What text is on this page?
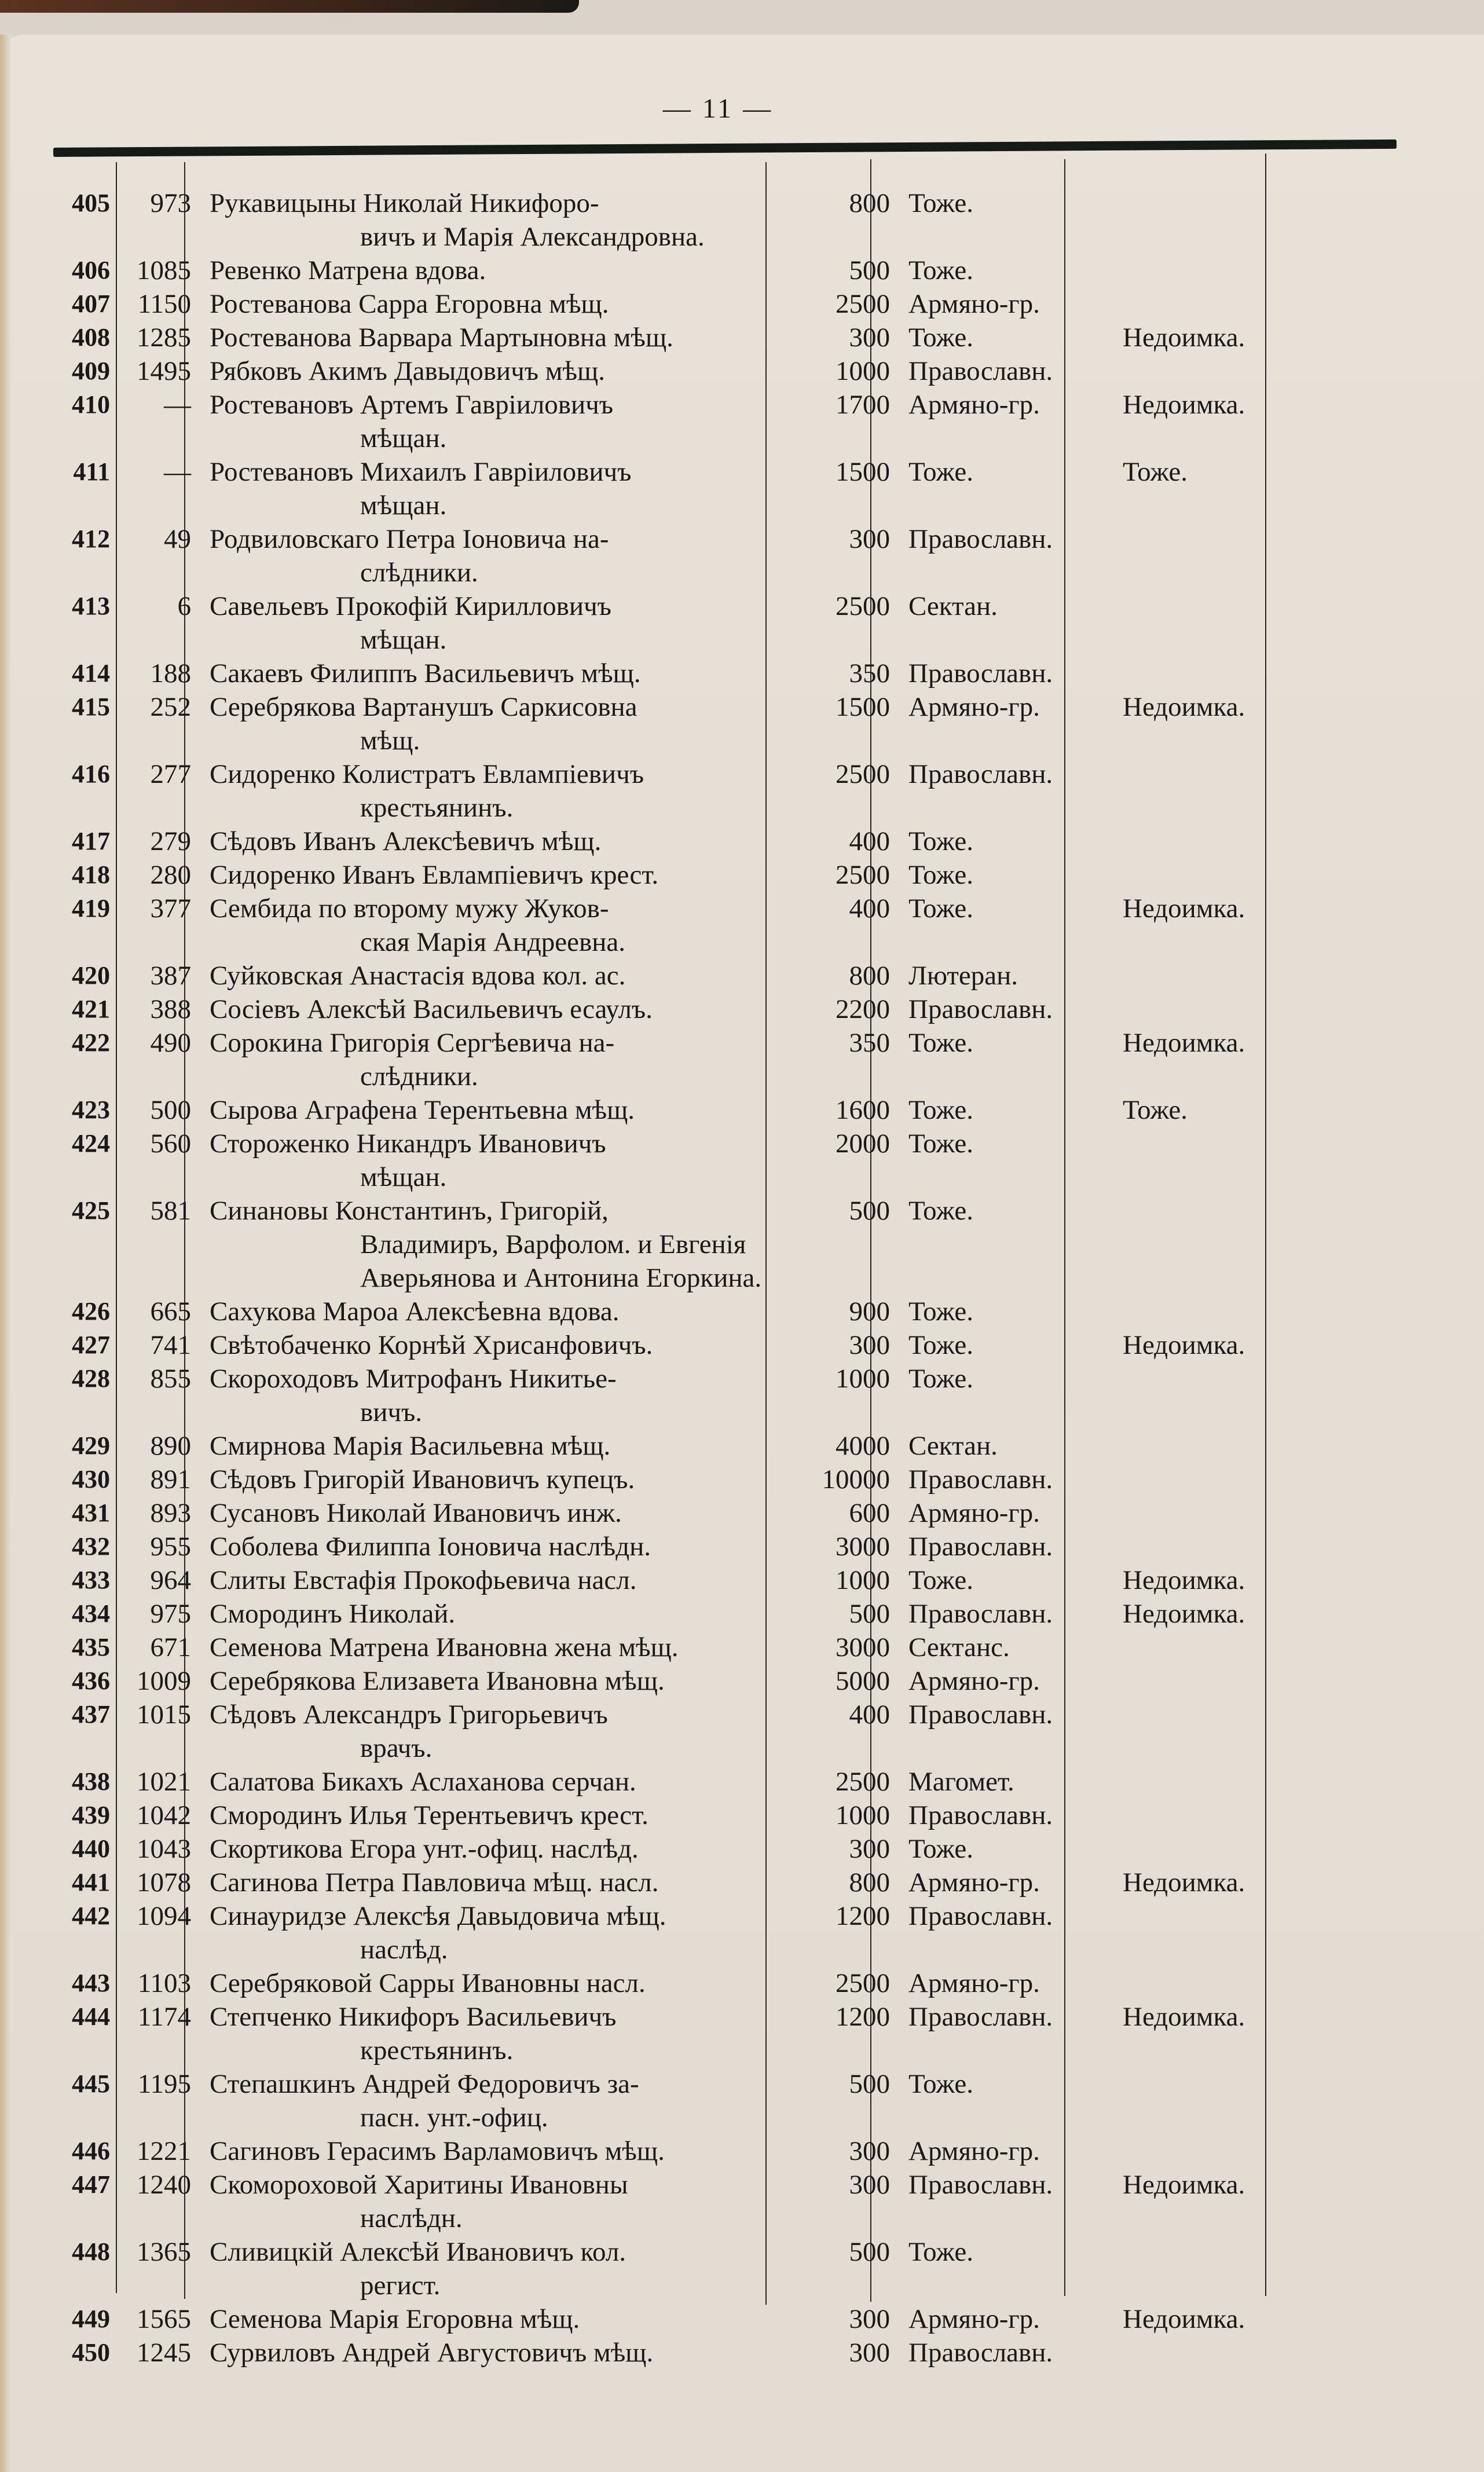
— 11 —
405	973	Рукавицыны Николай Никифоро-
вичъ и Марія Александровна.	800	Тоже.	
406	1085	Ревенко Матрена вдова.	500	Тоже.	
407	1150	Ростеванова Сарра Егоровна мѣщ.	2500	Армяно-гр.	
408	1285	Ростеванова Варвара Мартыновна мѣщ.	300	Тоже.	Недоимка.
409	1495	Рябковъ Акимъ Давыдовичъ мѣщ.	1000	Православн.	
410	—	Ростевановъ Артемъ Гавріиловичъ
мѣщан.	1700	Армяно-гр.	Недоимка.
411	—	Ростевановъ Михаилъ Гавріиловичъ
мѣщан.	1500	Тоже.	Тоже.
412	49	Родвиловскаго Петра Іоновича на-
слѣдники.	300	Православн.	
413	6	Савельевъ Прокофій Кирилловичъ
мѣщан.	2500	Сектан.	
414	188	Сакаевъ Филиппъ Васильевичъ мѣщ.	350	Православн.	
415	252	Серебрякова Вартанушъ Саркисовна
мѣщ.	1500	Армяно-гр.	Недоимка.
416	277	Сидоренко Колистратъ Евлампіевичъ
крестьянинъ.	2500	Православн.	
417	279	Сѣдовъ Иванъ Алексѣевичъ мѣщ.	400	Тоже.	
418	280	Сидоренко Иванъ Евлампіевичъ крест.	2500	Тоже.	
419	377	Сембида по второму мужу Жуков-
ская Марія Андреевна.	400	Тоже.	Недоимка.
420	387	Суйковская Анастасія вдова кол. ас.	800	Лютеран.	
421	388	Сосіевъ Алексѣй Васильевичъ есаулъ.	2200	Православн.	
422	490	Сорокина Григорія Сергѣевича на-
слѣдники.	350	Тоже.	Недоимка.
423	500	Сырова Аграфена Терентьевна мѣщ.	1600	Тоже.	Тоже.
424	560	Стороженко Никандръ Ивановичъ
мѣщан.	2000	Тоже.	
425	581	Синановы Константинъ, Григорій,
Владимиръ, Варфолом. и Евгенія
Аверьянова и Антонина Егоркина.	500	Тоже.	
426	665	Сахукова Мароа Алексѣевна вдова.	900	Тоже.	
427	741	Свѣтобаченко Корнѣй Хрисанфовичъ.	300	Тоже.	Недоимка.
428	855	Скороходовъ Митрофанъ Никитье-
вичъ.	1000	Тоже.	
429	890	Смирнова Марія Васильевна мѣщ.	4000	Сектан.	
430	891	Сѣдовъ Григорій Ивановичъ купецъ.	10000	Православн.	
431	893	Сусановъ Николай Ивановичъ инж.	600	Армяно-гр.	
432	955	Соболева Филиппа Іоновича наслѣдн.	3000	Православн.	
433	964	Слиты Евстафія Прокофьевича насл.	1000	Тоже.	Недоимка.
434	975	Смородинъ Николай.	500	Православн.	Недоимка.
435	671	Семенова Матрена Ивановна жена мѣщ.	3000	Сектанс.	
436	1009	Серебрякова Елизавета Ивановна мѣщ.	5000	Армяно-гр.	
437	1015	Сѣдовъ Александръ Григорьевичъ
врачъ.	400	Православн.	
438	1021	Салатова Бикахъ Аслаханова серчан.	2500	Магомет.	
439	1042	Смородинъ Илья Терентьевичъ крест.	1000	Православн.	
440	1043	Скортикова Егора унт.-офиц. наслѣд.	300	Тоже.	
441	1078	Сагинова Петра Павловича мѣщ. насл.	800	Армяно-гр.	Недоимка.
442	1094	Синауридзе Алексѣя Давыдовича мѣщ.
наслѣд.	1200	Православн.	
443	1103	Серебряковой Сарры Ивановны насл.	2500	Армяно-гр.	
444	1174	Степченко Никифоръ Васильевичъ
крестьянинъ.	1200	Православн.	Недоимка.
445	1195	Степашкинъ Андрей Федоровичъ за-
пасн. унт.-офиц.	500	Тоже.	
446	1221	Сагиновъ Герасимъ Варламовичъ мѣщ.	300	Армяно-гр.	
447	1240	Скомороховой Харитины Ивановны
наслѣдн.	300	Православн.	Недоимка.
448	1365	Сливицкій Алексѣй Ивановичъ кол.
регист.	500	Тоже.	
449	1565	Семенова Марія Егоровна мѣщ.	300	Армяно-гр.	Недоимка.
450	1245	Сурвиловъ Андрей Августовичъ мѣщ.	300	Православн.	
